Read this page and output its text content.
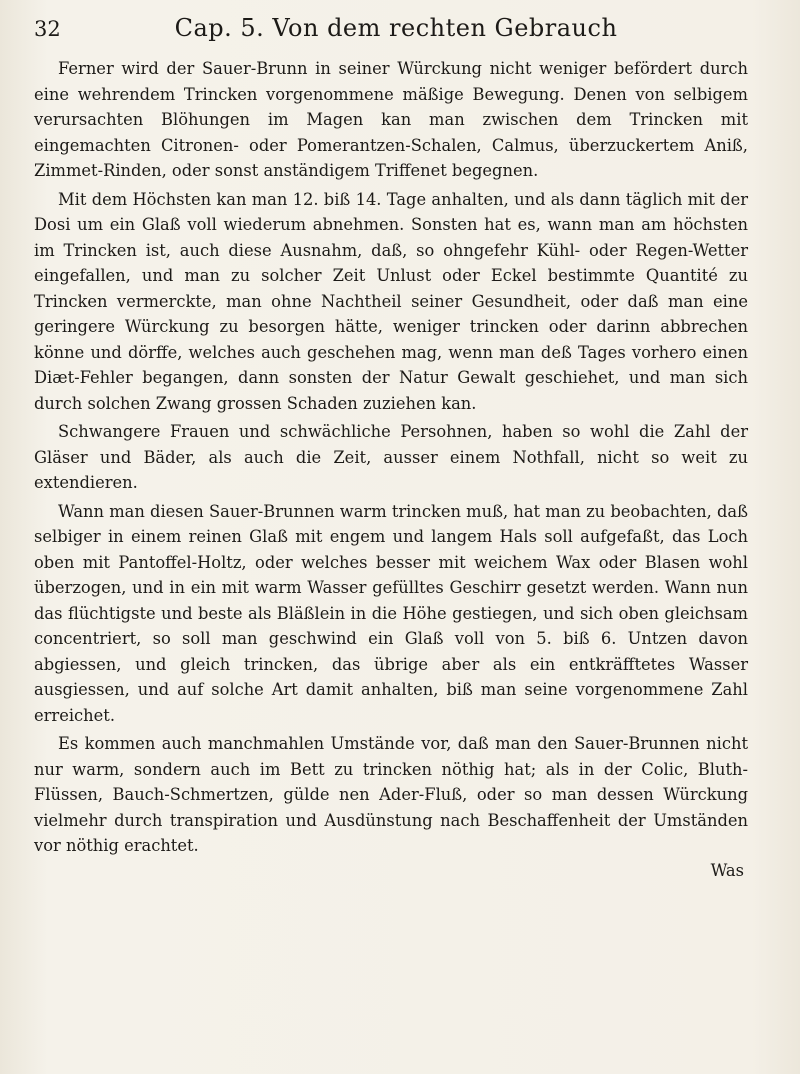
32	Cap. 5. Von dem rechten Gebrauch

Ferner wird der Sauer-Brunn in seiner Würckung nicht weniger befördert durch eine wehrendem Trincken vorgenommene mäßige Bewegung. Denen von selbigem verursachten Blöhungen im Magen kan man zwischen dem Trincken mit eingemachten Citronen- oder Pomerantzen-Schalen, Calmus, überzuckertem Aniß, Zimmet-Rinden, oder sonst anständigem Triffenet begegnen.

Mit dem Höchsten kan man 12. biß 14. Tage anhalten, und als dann täglich mit der Dosi um ein Glaß voll wiederum abnehmen. Sonsten hat es, wann man am höchsten im Trincken ist, auch diese Ausnahm, daß, so ohngefehr Kühl- oder Regen-Wetter eingefallen, und man zu solcher Zeit Unlust oder Eckel bestimmte Quantité zu Trincken vermerckte, man ohne Nachtheil seiner Gesundheit, oder daß man eine geringere Würckung zu besorgen hätte, weniger trincken oder darinn abbrechen könne und dörffe, welches auch geschehen mag, wenn man deß Tages vorhero einen Diæt-Fehler begangen, dann sonsten der Natur Gewalt geschiehet, und man sich durch solchen Zwang grossen Schaden zuziehen kan.

Schwangere Frauen und schwächliche Persohnen, haben so wohl die Zahl der Gläser und Bäder, als auch die Zeit, ausser einem Nothfall, nicht so weit zu extendieren.

Wann man diesen Sauer-Brunnen warm trincken muß, hat man zu beobachten, daß selbiger in einem reinen Glaß mit engem und langem Hals soll aufgefaßt, das Loch oben mit Pantoffel-Holtz, oder welches besser mit weichem Wax oder Blasen wohl überzogen, und in ein mit warm Wasser gefülltes Geschirr gesetzt werden. Wann nun das flüchtigste und beste als Bläßlein in die Höhe gestiegen, und sich oben gleichsam concentriert, so soll man geschwind ein Glaß voll von 5. biß 6. Untzen davon abgiessen, und gleich trincken, das übrige aber als ein entkräfftetes Wasser ausgiessen, und auf solche Art damit anhalten, biß man seine vorgenommene Zahl erreichet.

Es kommen auch manchmahlen Umstände vor, daß man den Sauer-Brunnen nicht nur warm, sondern auch im Bett zu trincken nöthig hat; als in der Colic, Bluth-Flüssen, Bauch-Schmertzen, gülde nen Ader-Fluß, oder so man dessen Würckung vielmehr durch transpiration und Ausdünstung nach Beschaffenheit der Umständen vor nöthig erachtet.

Was
